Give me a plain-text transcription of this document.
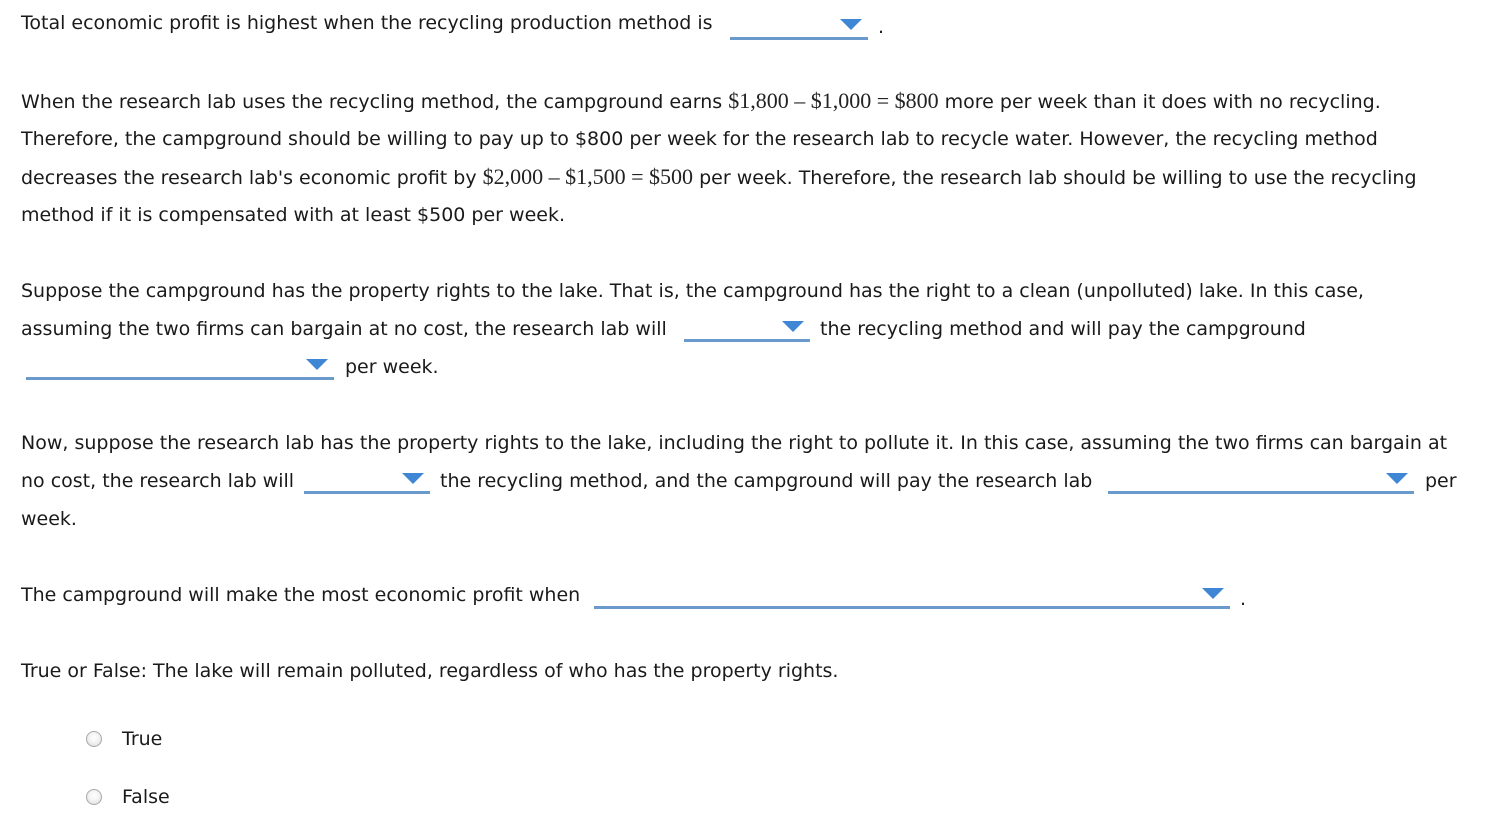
Total economic profit is highest when the recycling production method is	.
When the research lab uses the recycling method, the campground earns $1,800 – $1,000 = $800 more per week than it does with no recycling.
Therefore, the campground should be willing to pay up to $800 per week for the research lab to recycle water. However, the recycling method
decreases the research lab's economic profit by $2,000 – $1,500 = $500 per week. Therefore, the research lab should be willing to use the recycling
method if it is compensated with at least $500 per week.
Suppose the campground has the property rights to the lake. That is, the campground has the right to a clean (unpolluted) lake. In this case,
assuming the two firms can bargain at no cost, the research lab will	the recycling method and will pay the campground
per week.
Now, suppose the research lab has the property rights to the lake, including the right to pollute it. In this case, assuming the two firms can bargain at
no cost, the research lab will	the recycling method, and the campground will pay the research lab	per
week.
The campground will make the most economic profit when	.
True or False: The lake will remain polluted, regardless of who has the property rights.
True
False
